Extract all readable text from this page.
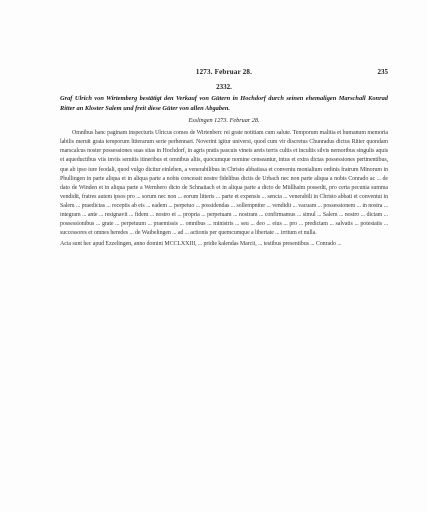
1273. Februar 28.	235
2332.

Graf Ulrich von Wirtemberg bestätigt den Verkauf von Gütern in Hochdorf durch seinen ehemaligen Marschall Konrad Ritter an Kloster Salem und freit diese Güter von allen Abgaben.

Esslingen 1273. Februar 28.

Omnibus hanc paginam inspecturis Ulricus comes de Wirtenberc rei grate notitiam cum salute. Temporum malitia et humanum memoria labilis meruit grata temporum litterarum serie perhennari. Noverint igitur universi, quod cum vir discretus Chunradus dictus Ritter quondam marscalcus noster possessiones suas sitas in Hochdorf, in agris pratis pascuis vineis areis terris cultis et incultis silvis nemoribus singulis aquis et aqueductibus viis inviis semitis itineribus et omnibus aliis, quocumque nomine censeantur, intus et extra dictas possessiones pertinentibus, que ab ipso iure feodali, quod vulgo dicitur einlehen, a venerabilibus in Christo abbatissa et conventu monialium ordinis fratrum Minorum in Phullingen in parte aliqua et in aliqua parte a nobis concessit nostre fidelibus dictis de Urbach nec non parte aliqua a nobis Conrado ac ... de dato de Winden et in aliqua parte a Wernhero dicto de Schnaitach et in aliqua parte a dicto de Müllhaim possedit, pro certa pecunia summa vendidit, fratres autem ipsos pro ... sorum nec non ... eorum litteris ... parte et expensis ... sencia ... venerabili in Christo abbati et conventui in Salem ... praedictas ... receptis ab eis ... eadem ... perpetuo ... possidendas ... sollempniter ... vendidit ... vacuam ... possessionem ... in nostra ... integram ... ante ... resignavit ... fidem ... nostro et ... propria ... perpetuam ... nostram ... confirmamus ... simul ... Salem ... nostro ... dictam ... possessionibus ... grate ... perpetuum ... praemissis ... omnibus ... ministris ... seu ... deo ... eius ... pro ... predictam ... salvatis ... potestatis ... successores et omnes heredes ... de Waibelingen ... ad ... actionis per quemcumque a libertate ... irritum et nulla.

Acta sunt hec apud Ezzelingen, anno domini MCCLXXIII, ... pridie kalendas Marcii, ... testibus presentibus ... Conrado ...
